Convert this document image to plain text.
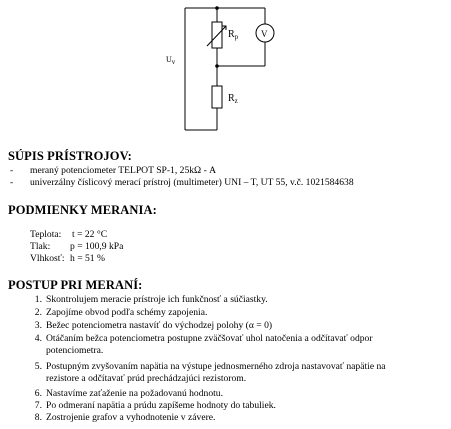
$R_p$
$R_z$
V
Uv
SÚPIS PRÍSTROJOV:
- meraný potenciometer TELPOT SP-1, 25kΩ - A
- univerzálny číslicový merací prístroj (multimeter) UNI – T, UT 55, v.č. 1021584638
PODMIENKY MERANIA:
Teplota: t = 22 °C
Tlak: p = 100,9 kPa
Vlhkosť: h = 51 %
POSTUP PRI MERANÍ:
1. Skontrolujem meracie prístroje ich funkčnosť a súčiastky.
2. Zapojíme obvod podľa schémy zapojenia.
3. Bežec potenciometra nastavíť do východzej polohy (α = 0)
4. Otáčaním bežca potenciometra postupne zväčšovať uhol natočenia a odčítavať odpor
potenciometra.
5. Postupným zvyšovaním napätia na výstupe jednosmerného zdroja nastavovať napätie na
rezistore a odčítavať prúd prechádzajúci rezistorom.
6. Nastavíme zaťaženie na požadovanú hodnotu.
7. Po odmeraní napätia a prúdu zapíšeme hodnoty do tabuliek.
8. Zostrojenie grafov a vyhodnotenie v závere.
